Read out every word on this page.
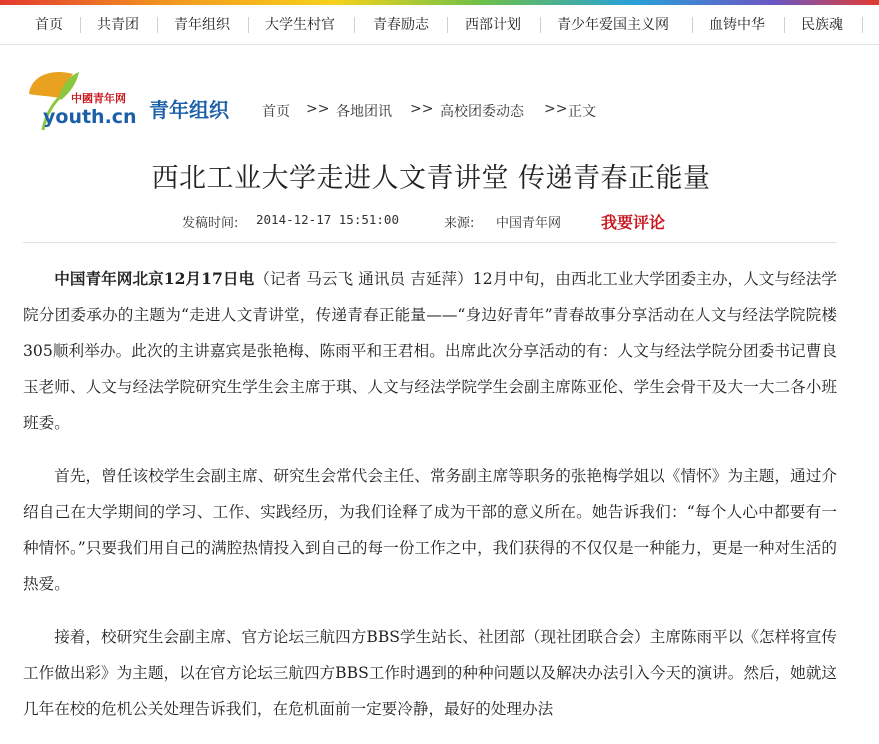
首页 共青团	青年组织	大学生村官	青春励志	西部计划	青少年爱国主义网	血铸中华	民族魂
中國青年网
youth.cn 青年组织 首页 >> 各地团讯 >> 高校团委动态 >> 正文
西北工业大学走进人文青讲堂 传递青春正能量
发稿时间: 2014-12-17 15:51:00	来源: 中国青年网 我要评论

中国青年网北京12月17日电（记者 马云飞 通讯员 吉延萍）12月中旬，由西北工业大学团委主办，人文与经法学院分团委承办的主题为“走进人文青讲堂，传递青春正能量——“身边好青年”青春故事分享活动在人文与经法学院院楼305顺利举办。此次的主讲嘉宾是张艳梅、陈雨平和王君相。出席此次分享活动的有：人文与经法学院分团委书记曹良玉老师、人文与经法学院研究生学生会主席于琪、人文与经法学院学生会副主席陈亚伦、学生会骨干及大一大二各小班班委。

首先，曾任该校学生会副主席、研究生会常代会主任、常务副主席等职务的张艳梅学姐以《情怀》为主题，通过介绍自己在大学期间的学习、工作、实践经历，为我们诠释了成为干部的意义所在。她告诉我们：“每个人心中都要有一种情怀。”只要我们用自己的满腔热情投入到自己的每一份工作之中，我们获得的不仅仅是一种能力，更是一种对生活的热爱。

接着，校研究生会副主席、官方论坛三航四方BBS学生站长、社团部（现社团联合会）主席陈雨平以《怎样将宣传工作做出彩》为主题，以在官方论坛三航四方BBS工作时遇到的种种问题以及解决办法引入今天的演讲。然后，她就这几年在校的危机公关处理告诉我们，在危机面前一定要冷静，最好的处理办法
